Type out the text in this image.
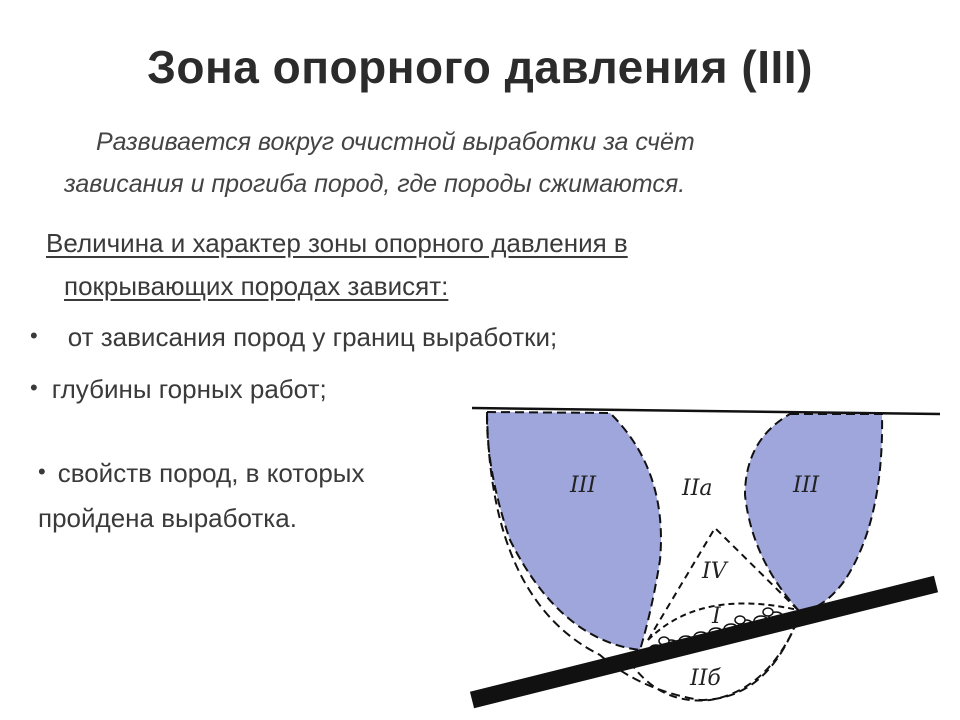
Зона опорного давления (III)
Развивается вокруг очистной выработки за счёт
зависания и прогиба пород, где породы сжимаются.
Величина и характер зоны опорного давления в
покрывающих породах зависят:
• от зависания пород у границ выработки;
• глубины горных работ;
• свойств пород, в которых
пройдена выработка.
III	III
IIа
IV
I
IIб
